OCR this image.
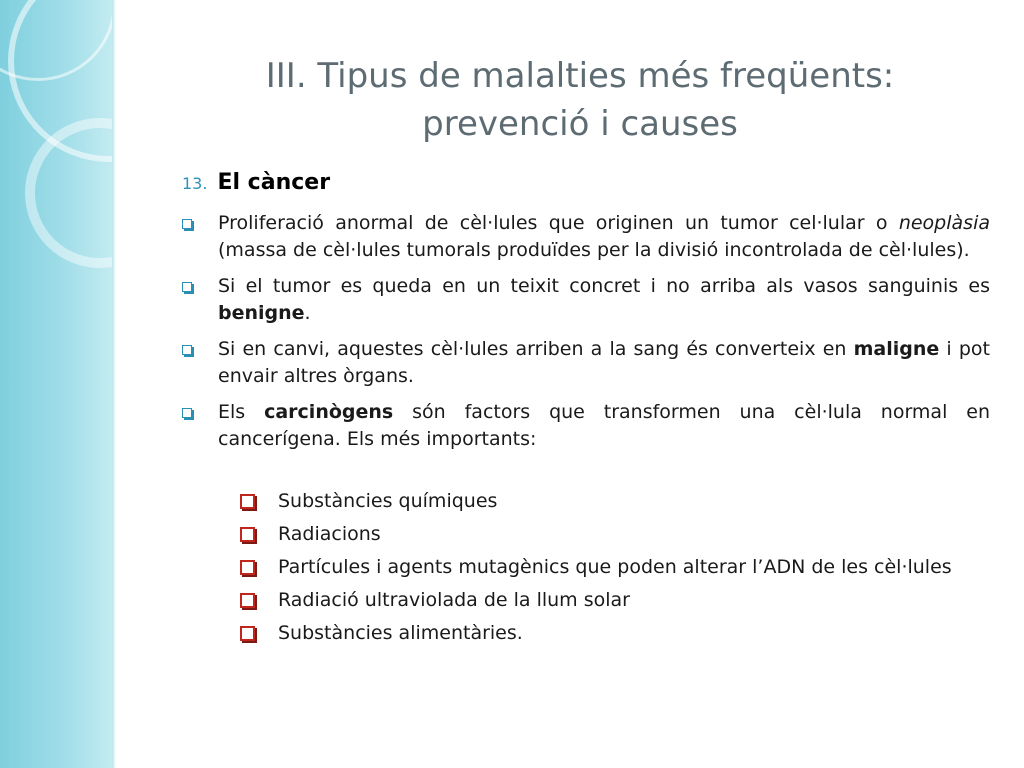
III. Tipus de malalties més freqüents:
prevenció i causes
13. El càncer
Proliferació anormal de cèl·lules que originen un tumor cel·lular o neoplàsia (massa de cèl·lules tumorals produïdes per la divisió incontrolada de cèl·lules).
Si el tumor es queda en un teixit concret i no arriba als vasos sanguinis es benigne.
Si en canvi, aquestes cèl·lules arriben a la sang és converteix en maligne i pot envair altres òrgans.
Els carcinògens són factors que transformen una cèl·lula normal en cancerígena. Els més importants:
Substàncies químiques
Radiacions
Partícules i agents mutagènics que poden alterar l’ADN de les cèl·lules
Radiació ultraviolada de la llum solar
Substàncies alimentàries.
